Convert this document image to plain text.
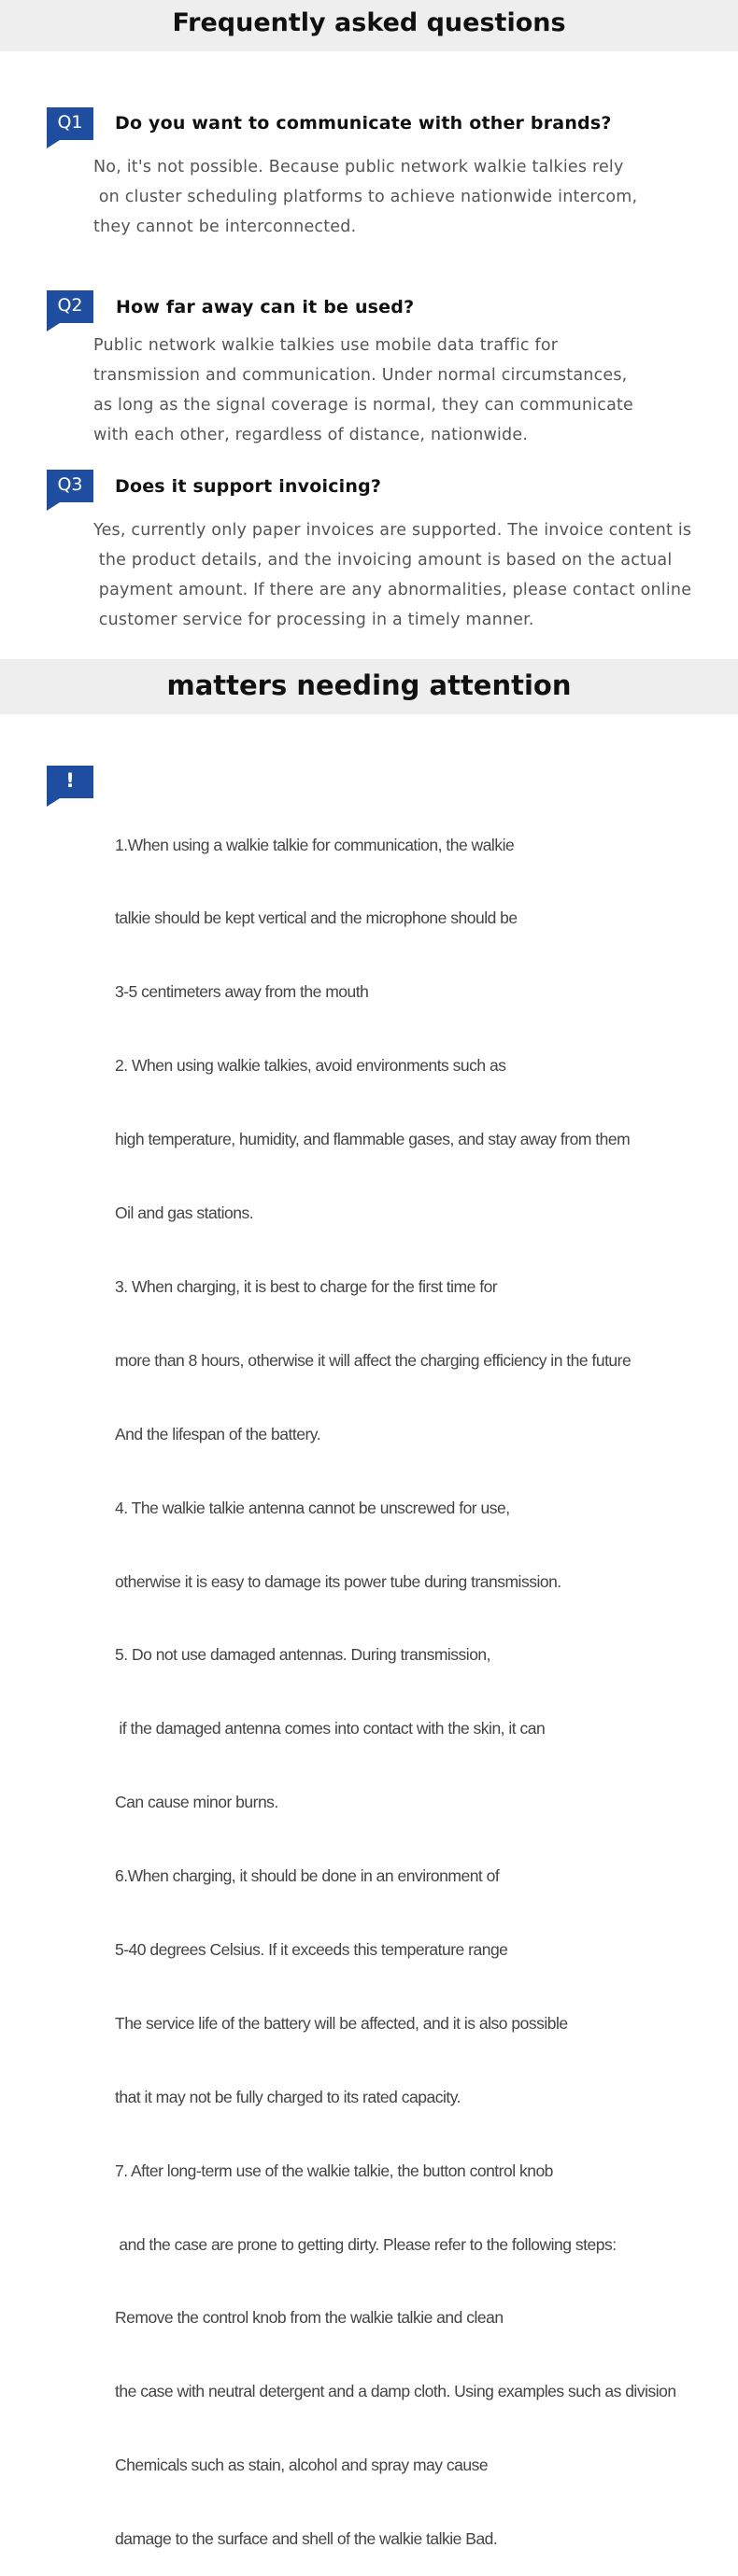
Frequently asked questions
Q1	Do you want to communicate with other brands?
No, it's not possible. Because public network walkie talkies rely
on cluster scheduling platforms to achieve nationwide intercom,
they cannot be interconnected.
Q2	How far away can it be used?
Public network walkie talkies use mobile data traffic for
transmission and communication. Under normal circumstances,
as long as the signal coverage is normal, they can communicate
with each other, regardless of distance, nationwide.
Q3	Does it support invoicing?
Yes, currently only paper invoices are supported. The invoice content is
the product details, and the invoicing amount is based on the actual
payment amount. If there are any abnormalities, please contact online
customer service for processing in a timely manner.
matters needing attention
!

1.When using a walkie talkie for communication, the walkie

talkie should be kept vertical and the microphone should be

3-5 centimeters away from the mouth

2. When using walkie talkies, avoid environments such as

high temperature, humidity, and flammable gases, and stay away from them

Oil and gas stations.

3. When charging, it is best to charge for the first time for

more than 8 hours, otherwise it will affect the charging efficiency in the future

And the lifespan of the battery.

4. The walkie talkie antenna cannot be unscrewed for use,

otherwise it is easy to damage its power tube during transmission.

5. Do not use damaged antennas. During transmission,

if the damaged antenna comes into contact with the skin, it can

Can cause minor burns.

6.When charging, it should be done in an environment of

5-40 degrees Celsius. If it exceeds this temperature range

The service life of the battery will be affected, and it is also possible

that it may not be fully charged to its rated capacity.

7. After long-term use of the walkie talkie, the button control knob

and the case are prone to getting dirty. Please refer to the following steps:

Remove the control knob from the walkie talkie and clean

the case with neutral detergent and a damp cloth. Using examples such as division

Chemicals such as stain, alcohol and spray may cause

damage to the surface and shell of the walkie talkie Bad.
